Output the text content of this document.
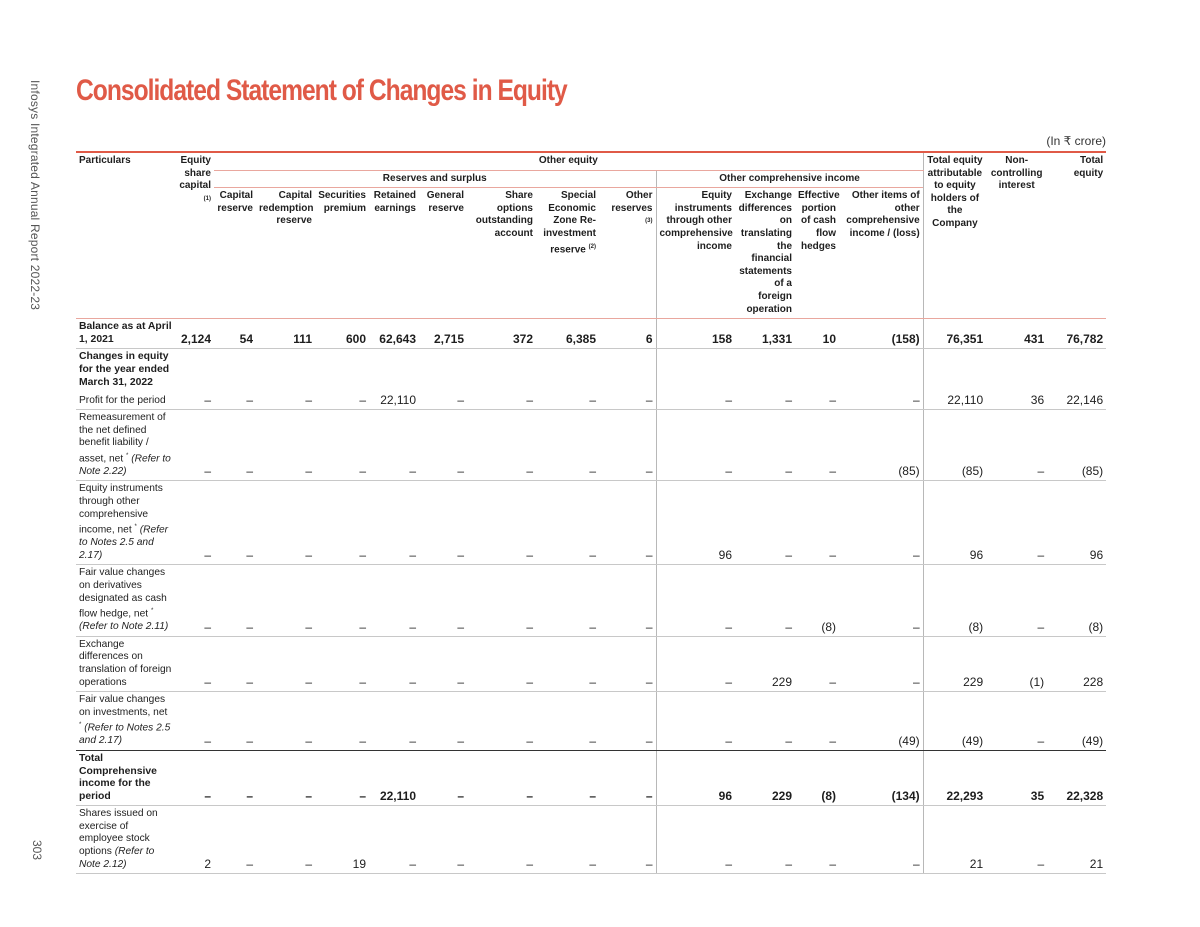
Infosys Integrated Annual Report 2022-23
303
Consolidated Statement of Changes in Equity
(In ₹ crore)
Particulars	Equity share capital $^{(1)}$	Other equity												Total equity attributable to equity holders of the Company	Non-controlling interest	Total equity
		Reserves and surplus								Other comprehensive income						
		Capital reserve	Capital redemption reserve	Securities premium	Retained earnings	General reserve	Share options outstanding account	Special Economic Zone Re-investment reserve $^{(2)}$	Other reserves $^{(3)}$	Equity instruments through other comprehensive income	Exchange differences on translating the financial statements of a foreign operation	Effective portion of cash flow hedges	Other items of other comprehensive income / (loss)			

Balance as at April 1, 2021	2,124	54	111	600	62,643	2,715	372	6,385	6	158	1,331	10	(158)	76,351	431	76,782
Changes in equity for the year ended March 31, 2022																
Profit for the period	–	–	–	–	22,110	–	–	–	–	–	–	–	–	22,110	36	22,146
Remeasurement of the net defined benefit liability / asset, net * (Refer to Note 2.22)	–	–	–	–	–	–	–	–	–	–	–	–	(85)	(85)	–	(85)
Equity instruments through other comprehensive income, net * (Refer to Notes 2.5 and 2.17)	–	–	–	–	–	–	–	–	–	96	–	–	–	96	–	96
Fair value changes on derivatives designated as cash flow hedge, net * (Refer to Note 2.11)	–	–	–	–	–	–	–	–	–	–	–	(8)	–	(8)	–	(8)
Exchange differences on translation of foreign operations	–	–	–	–	–	–	–	–	–	–	229	–	–	229	(1)	228
Fair value changes on investments, net * (Refer to Notes 2.5 and 2.17)	–	–	–	–	–	–	–	–	–	–	–	–	(49)	(49)	–	(49)
Total Comprehensive income for the period	–	–	–	–	22,110	–	–	–	–	96	229	(8)	(134)	22,293	35	22,328
Shares issued on exercise of employee stock options (Refer to Note 2.12)	2	–	–	19	–	–	–	–	–	–	–	–	–	21	–	21
